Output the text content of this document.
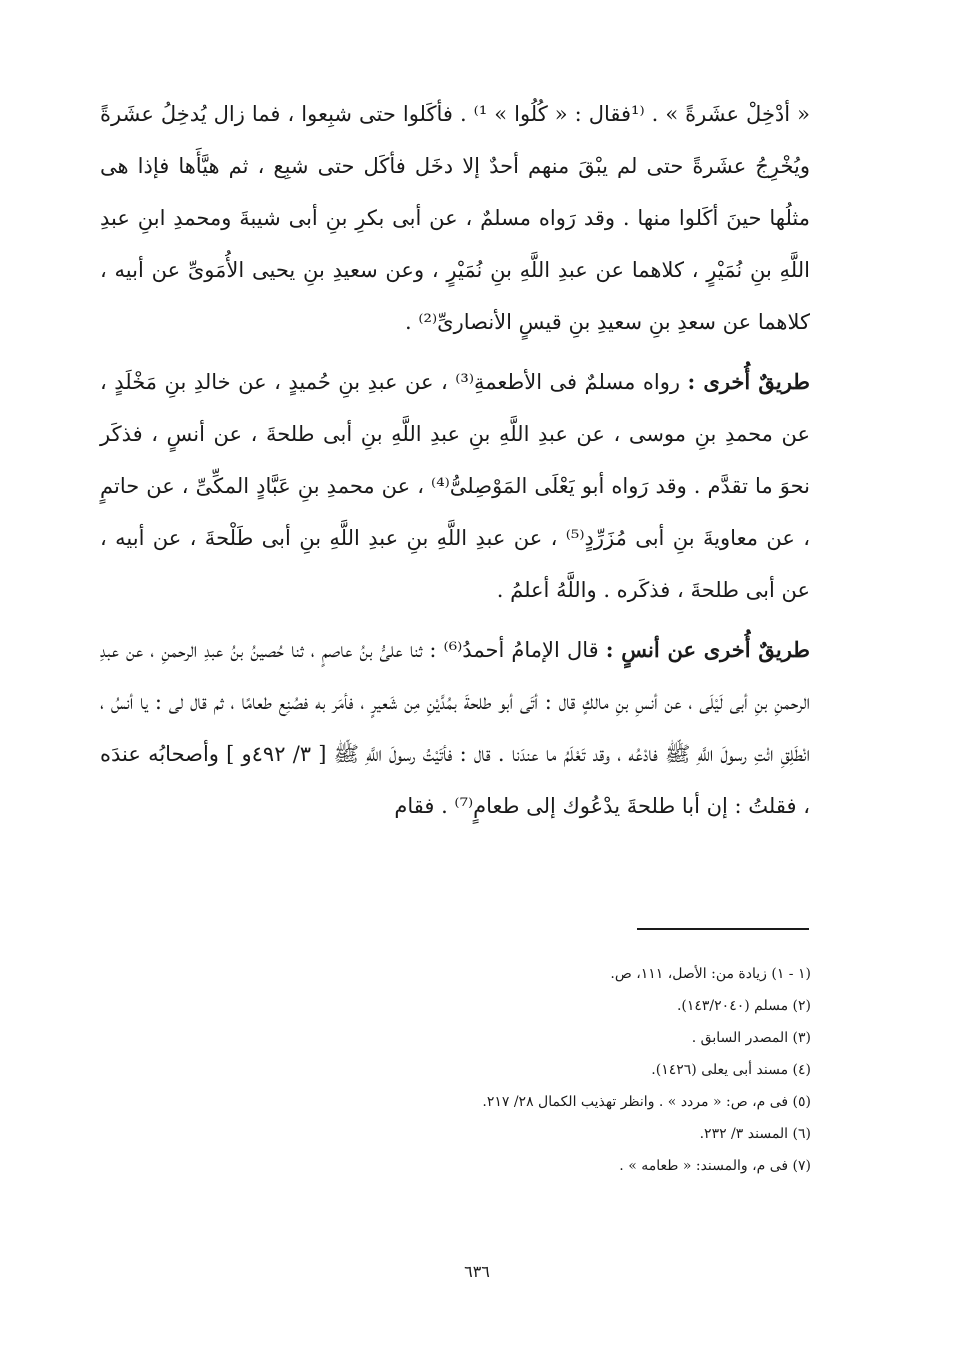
« أدْخِلْ عشَرةً » . ⁽¹فقال : « كُلُوا » ¹⁾ . فأكَلوا حتى شبِعوا ، فما زال يُدخِلُ عشَرةً ويُخْرِجُ عشَرةً حتى لم يبْقَ منهم أحدٌ إلا دخَل فأكَل حتى شبِع ، ثم هيَّأَها فإذا هى مثلُها حينَ أكَلوا منها . وقد رَواه مسلمٌ ، عن أبى بكرِ بنِ أبى شيبةَ ومحمدِ ابنِ عبدِ اللَّهِ بنِ نُمَيْرٍ ، كلاهما عن عبدِ اللَّهِ بنِ نُمَيْرٍ ، وعن سعيدِ بنِ يحيى الأُمَوىِّ عن أبيه ، كلاهما عن سعدِ بنِ سعيدِ بنِ قيسٍ الأنصارىِّ⁽²⁾ .

طريقٌ أُخرى : رواه مسلمٌ فى الأطعمةِ⁽³⁾ ، عن عبدِ بنِ حُميدٍ ، عن خالدِ بنِ مَخْلَدٍ ، عن محمدِ بنِ موسى ، عن عبدِ اللَّهِ بنِ عبدِ اللَّهِ بنِ أبى طلحةَ ، عن أنسٍ ، فذكَر نحوَ ما تقدَّم . وقد رَواه أبو يَعْلَى المَوْصِلىُّ⁽⁴⁾ ، عن محمدِ بنِ عَبَّادٍ المكِّىِّ ، عن حاتمٍ ، عن معاويةَ بنِ أبى مُزَرِّدٍ⁽⁵⁾ ، عن عبدِ اللَّهِ بنِ عبدِ اللَّهِ بنِ أبى طَلْحةَ ، عن أبيه ، عن أبى طلحةَ ، فذكَره . واللَّهُ أعلمُ .

طريقٌ أُخرى عن أنسٍ : قال الإمامُ أحمدُ⁽⁶⁾ : ثنا علىُّ بنُ عاصمٍ ، ثنا حُصينُ بنُ عبدِ الرحمنِ ، عن عبدِ الرحمنِ بنِ أبى لَيْلَى ، عن أنسِ بنِ مالكٍ قال : أتَى أبو طلحةَ بمُدَّيْنِ مِن شَعيرٍ ، فأمَر به فصُنِع طعامًا ، ثم قال لى : يا أنسُ ، انْطَلِقِ ائْتِ رسولَ اللَّهِ ﷺ فادْعُه ، وقد تَعْلَمُ ما عندَنا . قال : فأتَيْتُ رسولَ اللَّهِ ﷺ [ ٣/ ٤٩٢و ] وأصحابُه عندَه ، فقلتُ : إن أبا طلحةَ يدْعُوك إلى طعامٍ⁽⁷⁾ . فقام

(١ - ١) زيادة من: الأصل، ١١١، ص.
(٢) مسلم (١٤٣/٢٠٤٠).
(٣) المصدر السابق .
(٤) مسند أبى يعلى (١٤٢٦).
(٥) فى م، ص: « مردد » . وانظر تهذيب الكمال ٢٨/ ٢١٧.
(٦) المسند ٣/ ٢٣٢.
(٧) فى م، والمسند: « طعامه » .
٦٣٦
